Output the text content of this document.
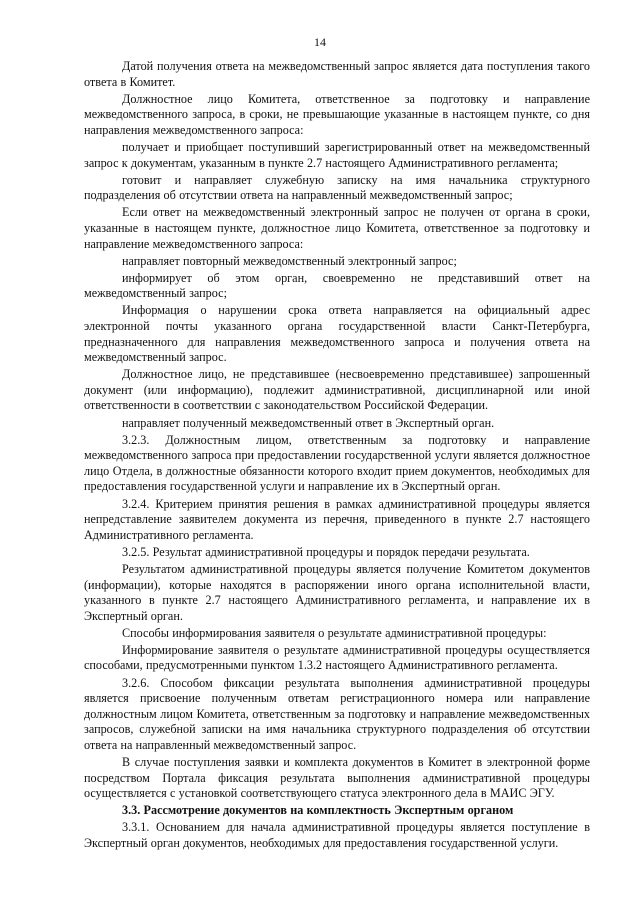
14

Датой получения ответа на межведомственный запрос является дата поступления такого ответа в Комитет.

Должностное лицо Комитета, ответственное за подготовку и направление межведомственного запроса, в сроки, не превышающие указанные в настоящем пункте, со дня направления межведомственного запроса:

получает и приобщает поступивший зарегистрированный ответ на межведомственный запрос к документам, указанным в пункте 2.7 настоящего Административного регламента;

готовит и направляет служебную записку на имя начальника структурного подразделения об отсутствии ответа на направленный межведомственный запрос;

Если ответ на межведомственный электронный запрос не получен от органа в сроки, указанные в настоящем пункте, должностное лицо Комитета, ответственное за подготовку и направление межведомственного запроса:

направляет повторный межведомственный электронный запрос;

информирует об этом орган, своевременно не представивший ответ на межведомственный запрос;

Информация о нарушении срока ответа направляется на официальный адрес электронной почты указанного органа государственной власти Санкт-Петербурга, предназначенного для направления межведомственного запроса и получения ответа на межведомственный запрос.

Должностное лицо, не представившее (несвоевременно представившее) запрошенный документ (или информацию), подлежит административной, дисциплинарной или иной ответственности в соответствии с законодательством Российской Федерации.

направляет полученный межведомственный ответ в Экспертный орган.

3.2.3. Должностным лицом, ответственным за подготовку и направление межведомственного запроса при предоставлении государственной услуги является должностное лицо Отдела, в должностные обязанности которого входит прием документов, необходимых для предоставления государственной услуги и направление их в Экспертный орган.

3.2.4. Критерием принятия решения в рамках административной процедуры является непредставление заявителем документа из перечня, приведенного в пункте 2.7 настоящего Административного регламента.

3.2.5. Результат административной процедуры и порядок передачи результата.

Результатом административной процедуры является получение Комитетом документов (информации), которые находятся в распоряжении иного органа исполнительной власти, указанного в пункте 2.7 настоящего Административного регламента, и направление их в Экспертный орган.

Способы информирования заявителя о результате административной процедуры:

Информирование заявителя о результате административной процедуры осуществляется способами, предусмотренными пунктом 1.3.2 настоящего Административного регламента.

3.2.6. Способом фиксации результата выполнения административной процедуры является присвоение полученным ответам регистрационного номера или направление должностным лицом Комитета, ответственным за подготовку и направление межведомственных запросов, служебной записки на имя начальника структурного подразделения об отсутствии ответа на направленный межведомственный запрос.

В случае поступления заявки и комплекта документов в Комитет в электронной форме посредством Портала фиксация результата выполнения административной процедуры осуществляется с установкой соответствующего статуса электронного дела в МАИС ЭГУ.

3.3. Рассмотрение документов на комплектность Экспертным органом

3.3.1. Основанием для начала административной процедуры является поступление в Экспертный орган документов, необходимых для предоставления государственной услуги.
